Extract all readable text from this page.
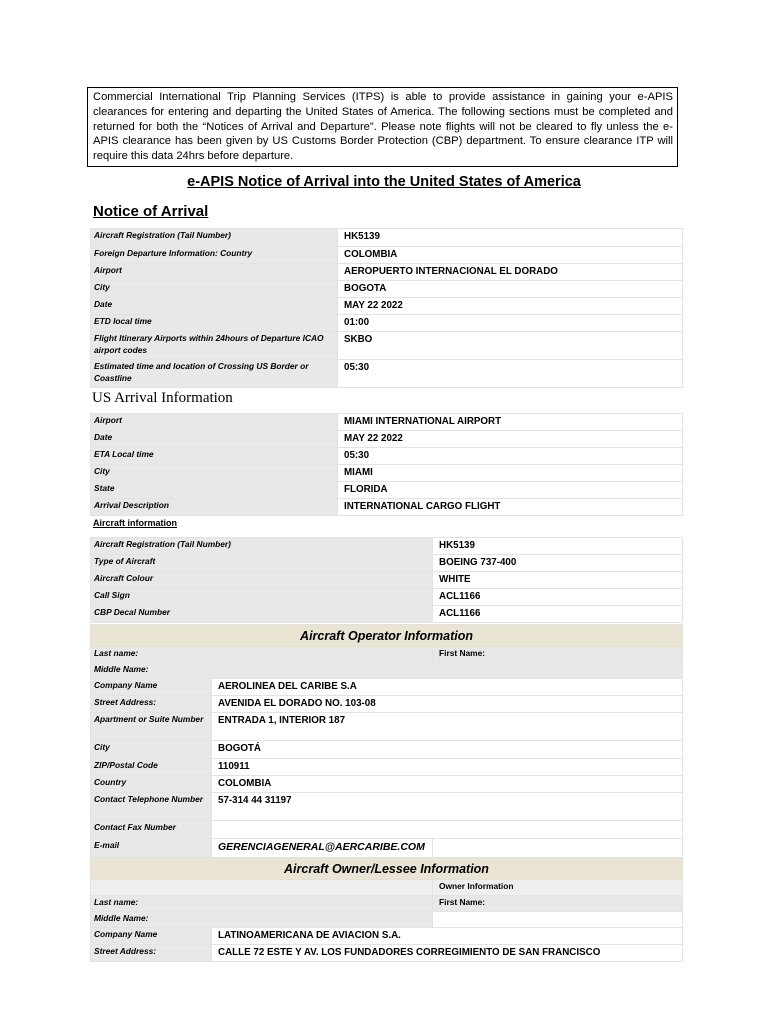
Commercial International Trip Planning Services (ITPS) is able to provide assistance in gaining your e-APIS clearances for entering and departing the United States of America. The following sections must be completed and returned for both the “Notices of Arrival and Departure”. Please note flights will not be cleared to fly unless the e-APIS clearance has been given by US Customs Border Protection (CBP) department. To ensure clearance ITP will require this data 24hrs before departure.
e-APIS Notice of Arrival into the United States of America
Notice of Arrival
Aircraft Registration (Tail Number)	HK5139
Foreign Departure Information: Country	COLOMBIA
Airport	AEROPUERTO INTERNACIONAL EL DORADO
City	BOGOTA
Date	MAY 22 2022
ETD local time	01:00
Flight Itinerary Airports within 24hours of Departure ICAO airport codes	SKBO
Estimated time and location of Crossing US Border or Coastline	05:30
US Arrival Information
Airport	MIAMI INTERNATIONAL AIRPORT
Date	MAY 22 2022
ETA Local time	05:30
City	MIAMI
State	FLORIDA
Arrival Description	INTERNATIONAL CARGO FLIGHT
Aircraft information
Aircraft Registration (Tail Number)	HK5139
Type of Aircraft	BOEING 737-400
Aircraft Colour	WHITE
Call Sign	ACL1166
CBP Decal Number	ACL1166
Aircraft Operator Information		
Last name:		First Name:
Middle Name:		
Company Name	AEROLINEA DEL CARIBE S.A	
Street Address:	AVENIDA EL DORADO NO. 103-08	
Apartment or Suite Number	ENTRADA 1, INTERIOR 187	
City	BOGOTÁ	
ZIP/Postal Code	110911	
Country	COLOMBIA	
Contact Telephone Number	57-314 44 31197	
Contact Fax Number		
E-mail	GERENCIAGENERAL@AERCARIBE.COM	
Aircraft Owner/Lessee Information		
		Owner Information
Last name:		First Name:
Middle Name:		
Company Name	LATINOAMERICANA DE AVIACION S.A.	
Street Address:	CALLE 72 ESTE Y AV. LOS FUNDADORES CORREGIMIENTO DE SAN FRANCISCO	
